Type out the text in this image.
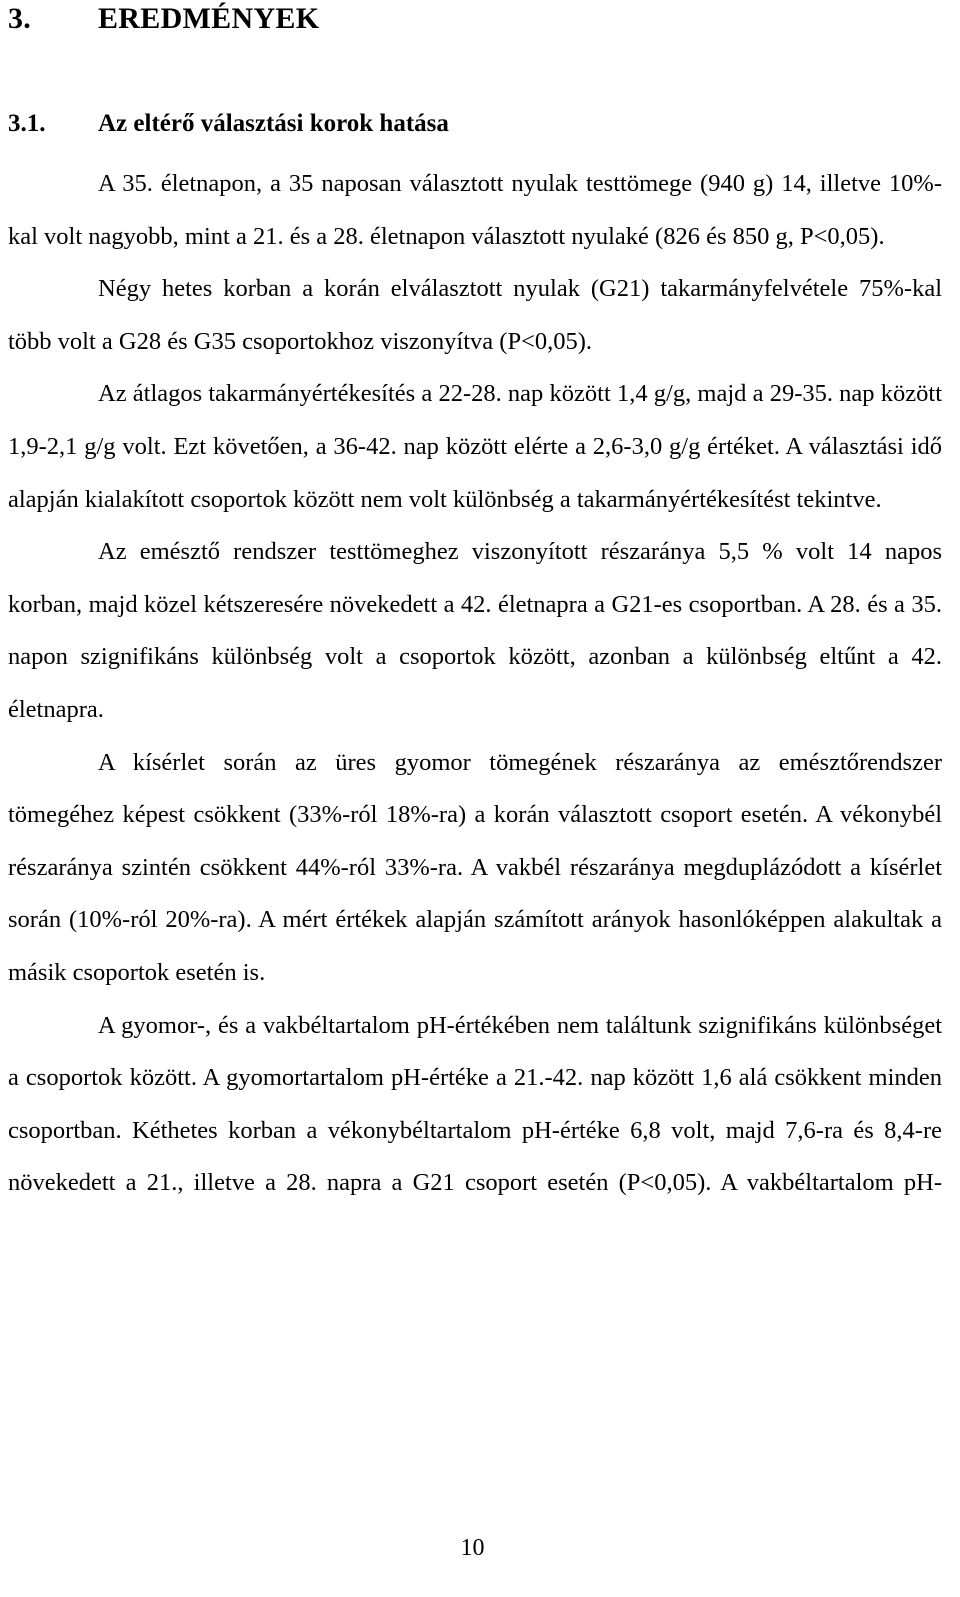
3. EREDMÉNYEK
3.1. Az eltérő választási korok hatása

A 35. életnapon, a 35 naposan választott nyulak testtömege (940 g) 14, illetve 10%-kal volt nagyobb, mint a 21. és a 28. életnapon választott nyulaké (826 és 850 g, P<0,05).

Négy hetes korban a korán elválasztott nyulak (G21) takarmányfelvétele 75%-kal több volt a G28 és G35 csoportokhoz viszonyítva (P<0,05).

Az átlagos takarmányértékesítés a 22-28. nap között 1,4 g/g, majd a 29-35. nap között 1,9-2,1 g/g volt. Ezt követően, a 36-42. nap között elérte a 2,6-3,0 g/g értéket. A választási idő alapján kialakított csoportok között nem volt különbség a takarmányértékesítést tekintve.

Az emésztő rendszer testtömeghez viszonyított részaránya 5,5 % volt 14 napos korban, majd közel kétszeresére növekedett a 42. életnapra a G21-es csoportban. A 28. és a 35. napon szignifikáns különbség volt a csoportok között, azonban a különbség eltűnt a 42. életnapra.

A kísérlet során az üres gyomor tömegének részaránya az emésztőrendszer tömegéhez képest csökkent (33%-ról 18%-ra) a korán választott csoport esetén. A vékonybél részaránya szintén csökkent 44%-ról 33%-ra. A vakbél részaránya megduplázódott a kísérlet során (10%-ról 20%-ra). A mért értékek alapján számított arányok hasonlóképpen alakultak a másik csoportok esetén is.

A gyomor-, és a vakbéltartalom pH-értékében nem találtunk szignifikáns különbséget a csoportok között. A gyomortartalom pH-értéke a 21.-42. nap között 1,6 alá csökkent minden csoportban. Kéthetes korban a vékonybéltartalom pH-értéke 6,8 volt, majd 7,6-ra és 8,4-re növekedett a 21., illetve a 28. napra a G21 csoport esetén (P<0,05). A vakbéltartalom pH-

10
